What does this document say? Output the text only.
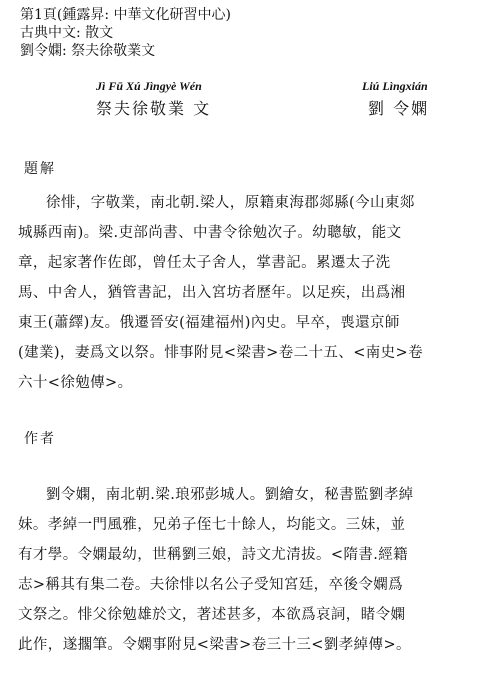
第1頁(鍾露昇: 中華文化研習中心)
古典中文: 散文
劉令嫻: 祭夫徐敬業文
Jì Fū Xú Jìngyè Wén
祭夫徐敬業 文
Liú Lìngxián
劉 令嫻
題解
徐悱，字敬業，南北朝.梁人，原籍東海郡郯縣(今山東郯
城縣西南)。梁.吏部尚書、中書令徐勉次子。幼聰敏，能文
章，起家著作佐郎，曾任太子舍人，掌書記。累遷太子洗
馬、中舍人，猶管書記，出入宮坊者歷年。以足疾，出爲湘
東王(蕭繹)友。俄遷晉安(福建福州)內史。早卒，喪還京師
(建業)，妻爲文以祭。悱事附見<梁書>卷二十五、<南史>卷
六十<徐勉傳>。
作者
劉令嫻，南北朝.梁.琅邪彭城人。劉繪女，秘書監劉孝綽
妹。孝綽一門風雅，兄弟子侄七十餘人，均能文。三妹，並
有才學。令嫻最幼，世稱劉三娘，詩文尤清拔。<隋書.經籍
志>稱其有集二卷。夫徐悱以名公子受知宮廷，卒後令嫻爲
文祭之。悱父徐勉雄於文，著述甚多，本欲爲哀詞，睹令嫻
此作，遂擱筆。令嫻事附見<梁書>卷三十三<劉孝綽傳>。
